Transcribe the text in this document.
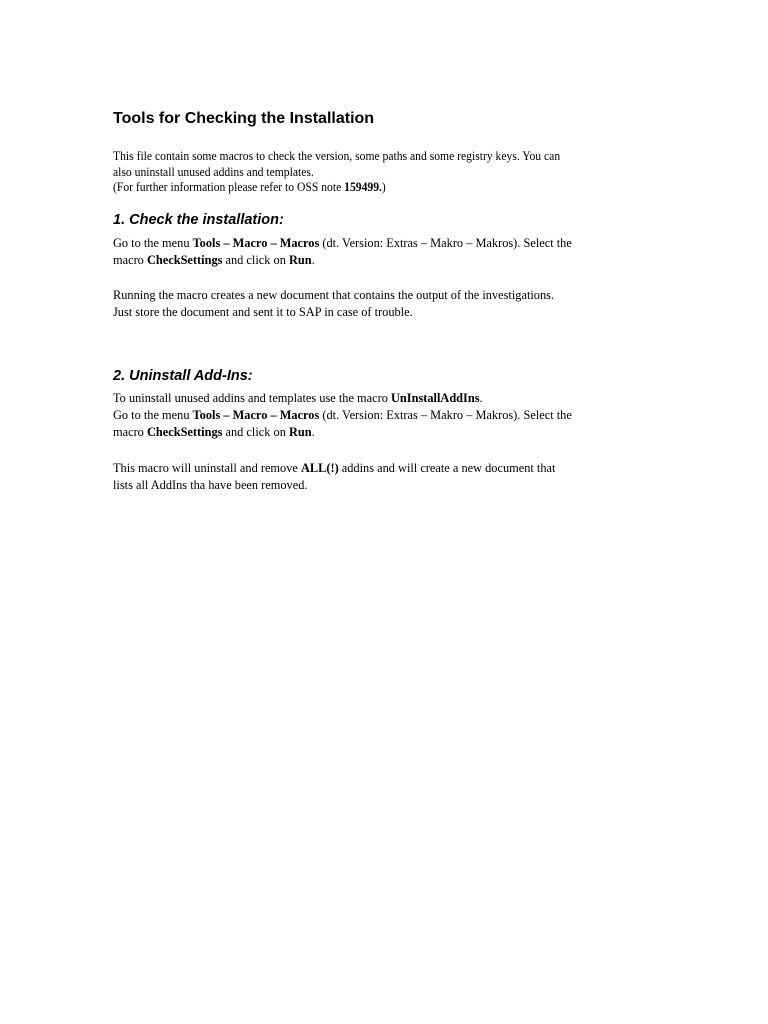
Tools for Checking the Installation
This file contain some macros to check the version, some paths and some registry keys. You can
also uninstall unused addins and templates.
(For further information please refer to OSS note 159499.)
1. Check the installation:
Go to the menu Tools – Macro – Macros (dt. Version: Extras – Makro – Makros). Select the
macro CheckSettings and click on Run.
Running the macro creates a new document that contains the output of the investigations.
Just store the document and sent it to SAP in case of trouble.
2. Uninstall Add-Ins:
To uninstall unused addins and templates use the macro UnInstallAddIns.
Go to the menu Tools – Macro – Macros (dt. Version: Extras – Makro – Makros). Select the
macro CheckSettings and click on Run.
This macro will uninstall and remove ALL(!) addins and will create a new document that
lists all AddIns tha have been removed.
